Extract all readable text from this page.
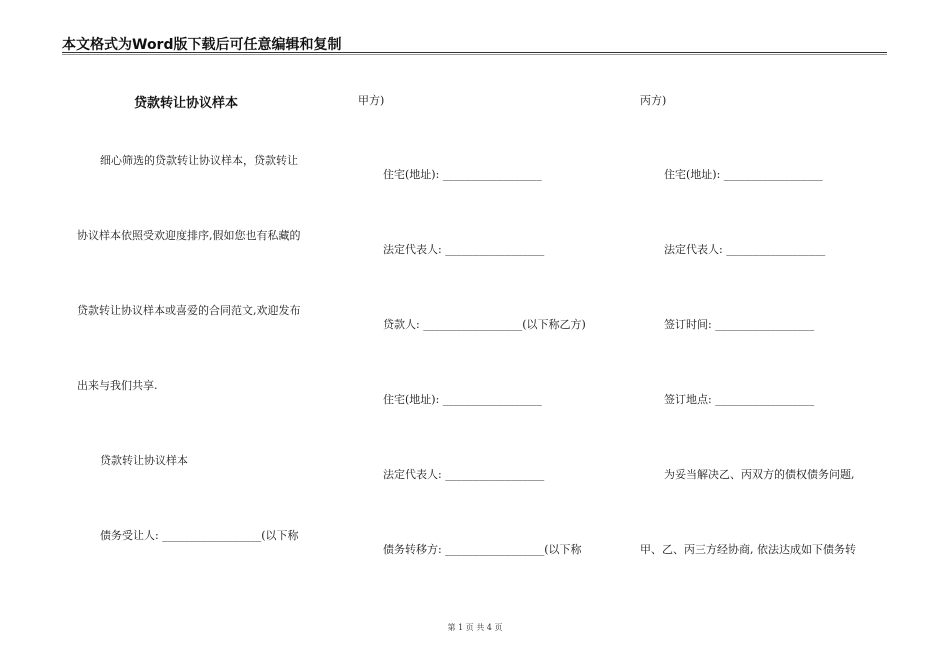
本文格式为Word版下载后可任意编辑和复制
贷款转让协议样本
细心筛选的贷款转让协议样本，贷款转让
协议样本依照受欢迎度排序,假如您也有私藏的
贷款转让协议样本或喜爱的合同范文,欢迎发布
出来与我们共享.
贷款转让协议样本
债务受让人: __________________(以下称
甲方)
住宅(地址): __________________
法定代表人: __________________
贷款人: __________________(以下称乙方)
住宅(地址): __________________
法定代表人: __________________
债务转移方: __________________(以下称
丙方)
住宅(地址): __________________
法定代表人: __________________
签订时间: __________________
签订地点: __________________
为妥当解决乙、丙双方的债权债务问题,
甲、乙、丙三方经协商, 依法达成如下债务转
第 1 页 共 4 页
